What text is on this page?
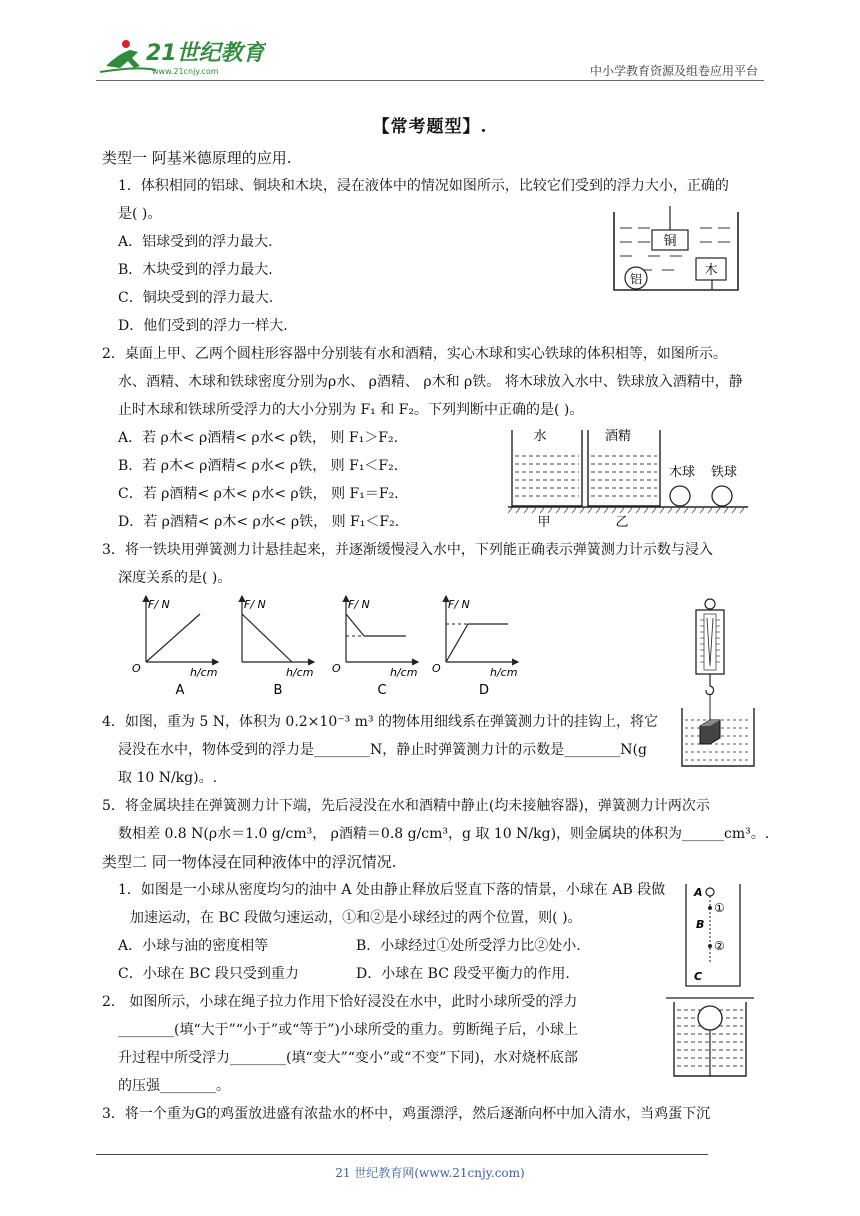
21世纪教育
www.21cnjy.com	中小学教育资源及组卷应用平台
【常考题型】.
类型一 阿基米德原理的应用.
1．体积相同的铝球、铜块和木块，浸在液体中的情况如图所示，比较它们受到的浮力大小，正确的
是( )。
A．铝球受到的浮力最大.
B．木块受到的浮力最大.
C．铜块受到的浮力最大.
D．他们受到的浮力一样大.
铜
木
铝
2．桌面上甲、乙两个圆柱形容器中分别装有水和酒精，实心木球和实心铁球的体积相等，如图所示。
水、酒精、木球和铁球密度分别为ρ水、 ρ酒精、 ρ木和 ρ铁。 将木球放入水中、铁球放入酒精中，静
止时木球和铁球所受浮力的大小分别为 F₁ 和 F₂。下列判断中正确的是( )。
A．若 ρ木< ρ酒精< ρ水< ρ铁， 则 F₁＞F₂.
B．若 ρ木< ρ酒精< ρ水< ρ铁， 则 F₁＜F₂.
C．若 ρ酒精< ρ木< ρ水< ρ铁， 则 F₁＝F₂.
D．若 ρ酒精< ρ木< ρ水< ρ铁， 则 F₁＜F₂.
水	酒精
木球 铁球
甲	乙
3．将一铁块用弹簧测力计悬挂起来，并逐渐缓慢浸入水中，下列能正确表示弹簧测力计示数与浸入
深度关系的是( )。
F/ N
h/cm
O
A
F/ N
h/cm
B
F/ N
O	h/cm
C
F/ N
O	h/cm
D
4．如图，重为 5 N，体积为 0.2×10⁻³ m³ 的物体用细线系在弹簧测力计的挂钩上，将它
浸没在水中，物体受到的浮力是________N，静止时弹簧测力计的示数是________N(g
取 10 N/kg)。.
5．将金属块挂在弹簧测力计下端，先后浸没在水和酒精中静止(均未接触容器)，弹簧测力计两次示
数相差 0.8 N(ρ水＝1.0 g/cm³， ρ酒精＝0.8 g/cm³，g 取 10 N/kg)，则金属块的体积为______cm³。.
类型二 同一物体浸在同种液体中的浮沉情况.
1．如图是一小球从密度均匀的油中 A 处由静止释放后竖直下落的情景，小球在 AB 段做
加速运动，在 BC 段做匀速运动，①和②是小球经过的两个位置，则( )。
A．小球与油的密度相等	B．小球经过①处所受浮力比②处小.
C．小球在 BC 段只受到重力	D．小球在 BC 段受平衡力的作用.
A
B
C
①
②
2． 如图所示，小球在绳子拉力作用下恰好浸没在水中，此时小球所受的浮力
________(填“大于”“小于”或“等于”)小球所受的重力。剪断绳子后，小球上
升过程中所受浮力________(填“变大”“变小”或“不变”下同)，水对烧杯底部
的压强________。
3．将一个重为G的鸡蛋放进盛有浓盐水的杯中，鸡蛋漂浮，然后逐渐向杯中加入清水，当鸡蛋下沉
21 世纪教育网(www.21cnjy.com)
